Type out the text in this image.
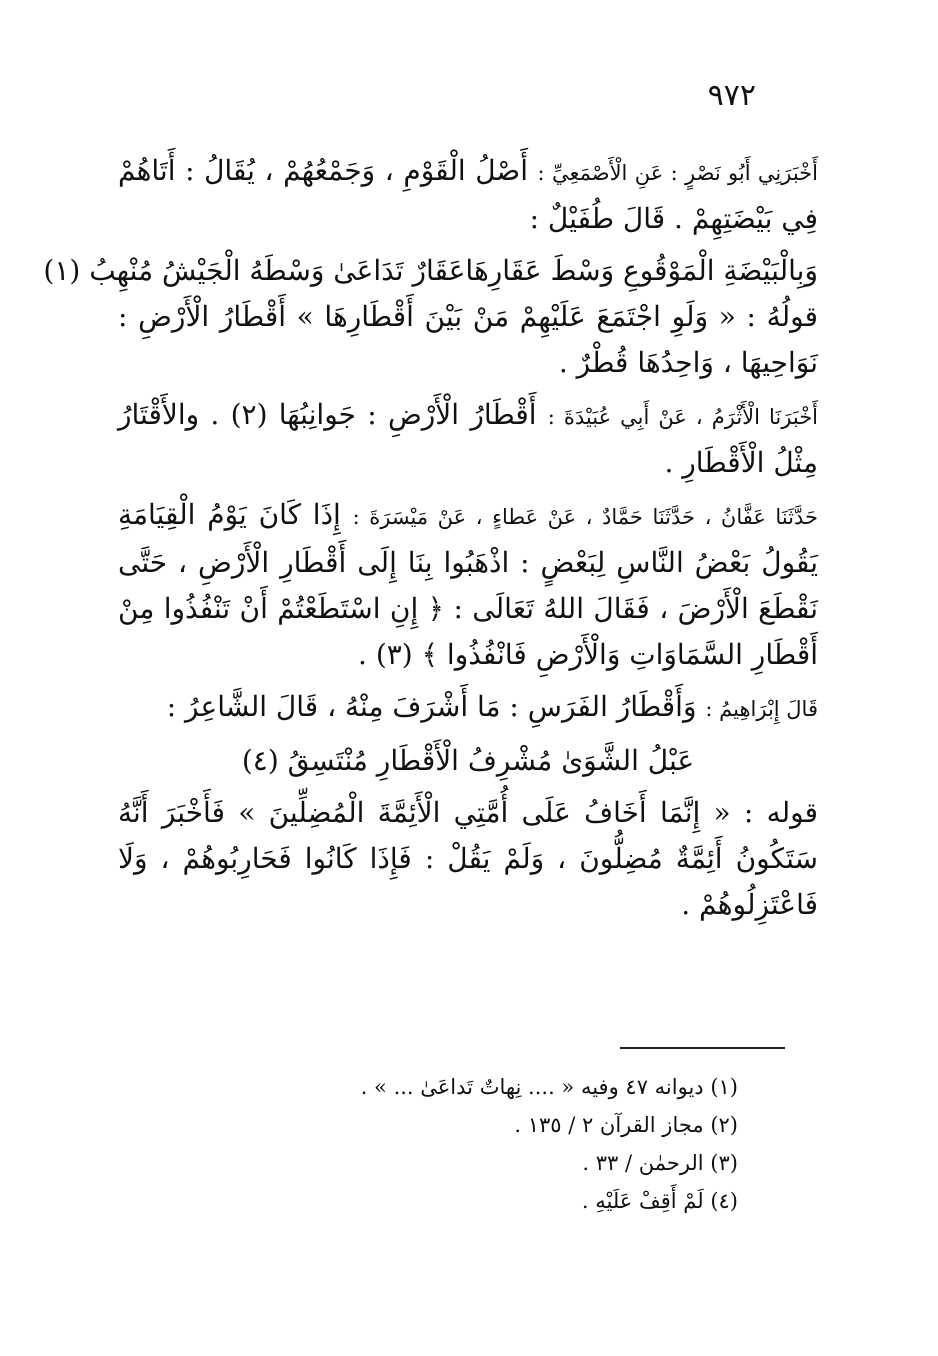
٩٧٢

أَخْبَرَنِي أَبُو نَصْرٍ : عَنِ الْأَصْمَعِيِّ : أَصْلُ الْقَوْمِ ، وَجَمْعُهُمْ ، يُقَالُ : أَتَاهُمْ فِي بَيْضَتِهِمْ . قَالَ طُفَيْلٌ :

وَبِالْبَيْضَةِ الْمَوْقُوعِ وَسْطَ عَقَارِهَا
عَقَارٌ تَدَاعَىٰ وَسْطَهُ الْجَيْشُ مُنْهِبُ (١)

قولُهُ : « وَلَوِ اجْتَمَعَ عَلَيْهِمْ مَنْ بَيْنَ أَقْطَارِهَا » أَقْطَارُ الْأَرْضِ : نَوَاحِيهَا ، وَاحِدُهَا قُطْرٌ .

أَخْبَرَنَا الْأَثْرَمُ ، عَنْ أَبِي عُبَيْدَةَ : أَقْطَارُ الْأَرْضِ : جَوانِبُهَا (٢) . والأَقْتَارُ مِثْلُ الْأَقْطَارِ .

حَدَّثَنَا عَفَّانُ ، حَدَّثَنَا حَمَّادٌ ، عَنْ عَطاءٍ ، عَنْ مَيْسَرَةَ : إِذَا كَانَ يَوْمُ الْقِيَامَةِ يَقُولُ بَعْضُ النَّاسِ لِبَعْضٍ : اذْهَبُوا بِنَا إِلَى أَقْطَارِ الْأَرْضِ ، حَتَّى نَقْطَعَ الْأَرْضَ ، فَقَالَ اللهُ تَعَالَى : ﴿ إِنِ اسْتَطَعْتُمْ أَنْ تَنْفُذُوا مِنْ أَقْطَارِ السَّمَاوَاتِ وَالْأَرْضِ فَانْفُذُوا ﴾ (٣) .

قَالَ إِبْرَاهِيمُ : وَأَقْطَارُ الفَرَسِ : مَا أَشْرَفَ مِنْهُ ، قَالَ الشَّاعِرُ :

عَبْلُ الشَّوَىٰ مُشْرِفُ الْأَقْطَارِ مُنْتَسِقُ (٤)

قوله : « إِنَّمَا أَخَافُ عَلَى أُمَّتِي الْأَئِمَّةَ الْمُضِلِّينَ » فَأَخْبَرَ أَنَّهُ سَتَكُونُ أَئِمَّةٌ مُضِلُّونَ ، وَلَمْ يَقُلْ : فَإِذَا كَانُوا فَحَارِبُوهُمْ ، وَلَا فَاعْتَزِلُوهُمْ .

(١) ديوانه ٤٧ وفيه « .... نِهاتٌ تَداعَىٰ ... » .
(٢) مجاز القرآن ٢ / ١٣٥ .
(٣) الرحمٰن / ٣٣ .
(٤) لَمْ أَقِفْ عَلَيْهِ .
